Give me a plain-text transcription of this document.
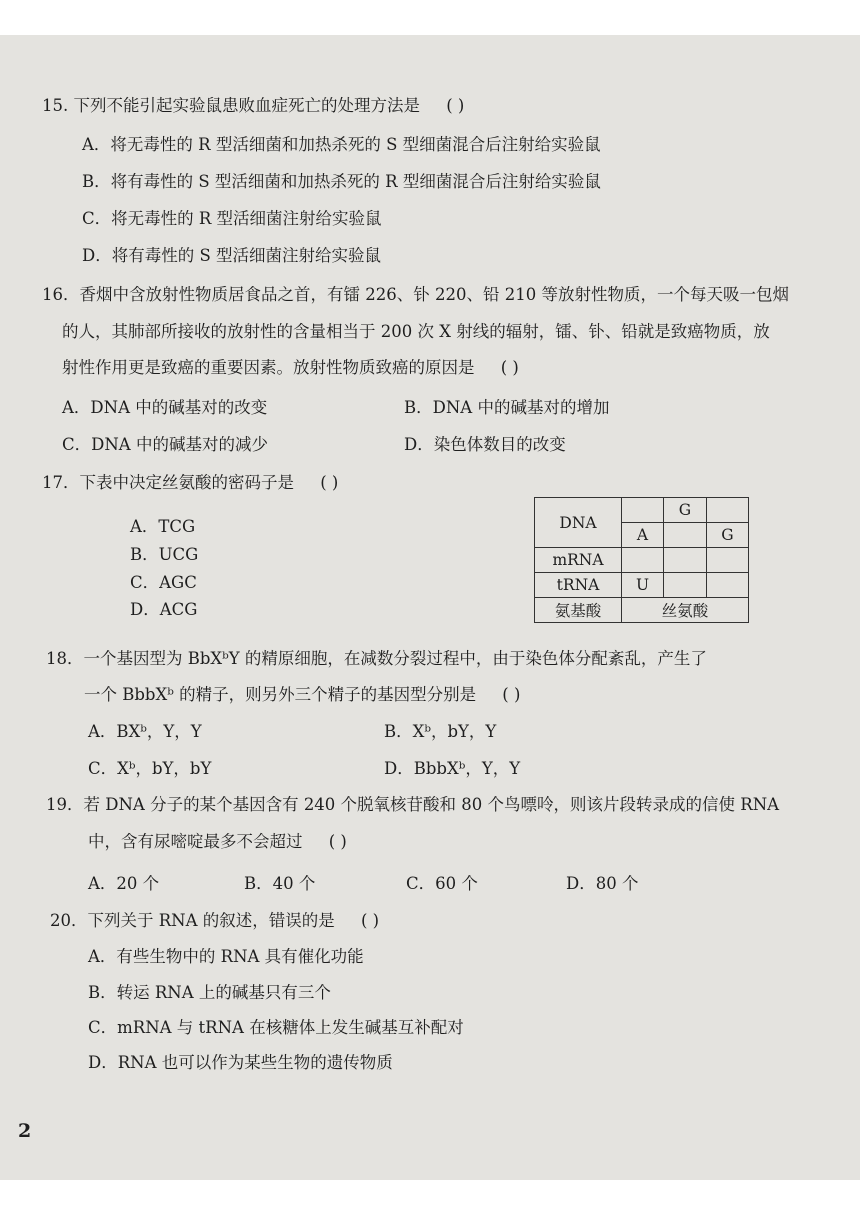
15. 下列不能引起实验鼠患败血症死亡的处理方法是 ( )
A．将无毒性的 R 型活细菌和加热杀死的 S 型细菌混合后注射给实验鼠
B．将有毒性的 S 型活细菌和加热杀死的 R 型细菌混合后注射给实验鼠
C．将无毒性的 R 型活细菌注射给实验鼠
D．将有毒性的 S 型活细菌注射给实验鼠
16．香烟中含放射性物质居食品之首，有镭 226、钋 220、铅 210 等放射性物质，一个每天吸一包烟
的人，其肺部所接收的放射性的含量相当于 200 次 X 射线的辐射，镭、钋、铅就是致癌物质，放
射性作用更是致癌的重要因素。放射性物质致癌的原因是 ( )
A．DNA 中的碱基对的改变	B．DNA 中的碱基对的增加
C．DNA 中的碱基对的减少	D．染色体数目的改变
17．下表中决定丝氨酸的密码子是 ( )
A．TCG
B．UCG
C．AGC
D．ACG
DNA		G	
	A		G
mRNA			
tRNA	U		
氨基酸	丝氨酸		
18．一个基因型为 BbXᵇY 的精原细胞，在减数分裂过程中，由于染色体分配紊乱，产生了
一个 BbbXᵇ 的精子，则另外三个精子的基因型分别是 ( )
A．BXᵇ，Y，Y	B．Xᵇ，bY，Y
C．Xᵇ，bY，bY	D．BbbXᵇ，Y，Y
19．若 DNA 分子的某个基因含有 240 个脱氧核苷酸和 80 个鸟嘌呤，则该片段转录成的信使 RNA
中，含有尿嘧啶最多不会超过 ( )
A．20 个	B．40 个	C．60 个	D．80 个
20．下列关于 RNA 的叙述，错误的是 ( )
A．有些生物中的 RNA 具有催化功能
B．转运 RNA 上的碱基只有三个
C．mRNA 与 tRNA 在核糖体上发生碱基互补配对
D．RNA 也可以作为某些生物的遗传物质
2
